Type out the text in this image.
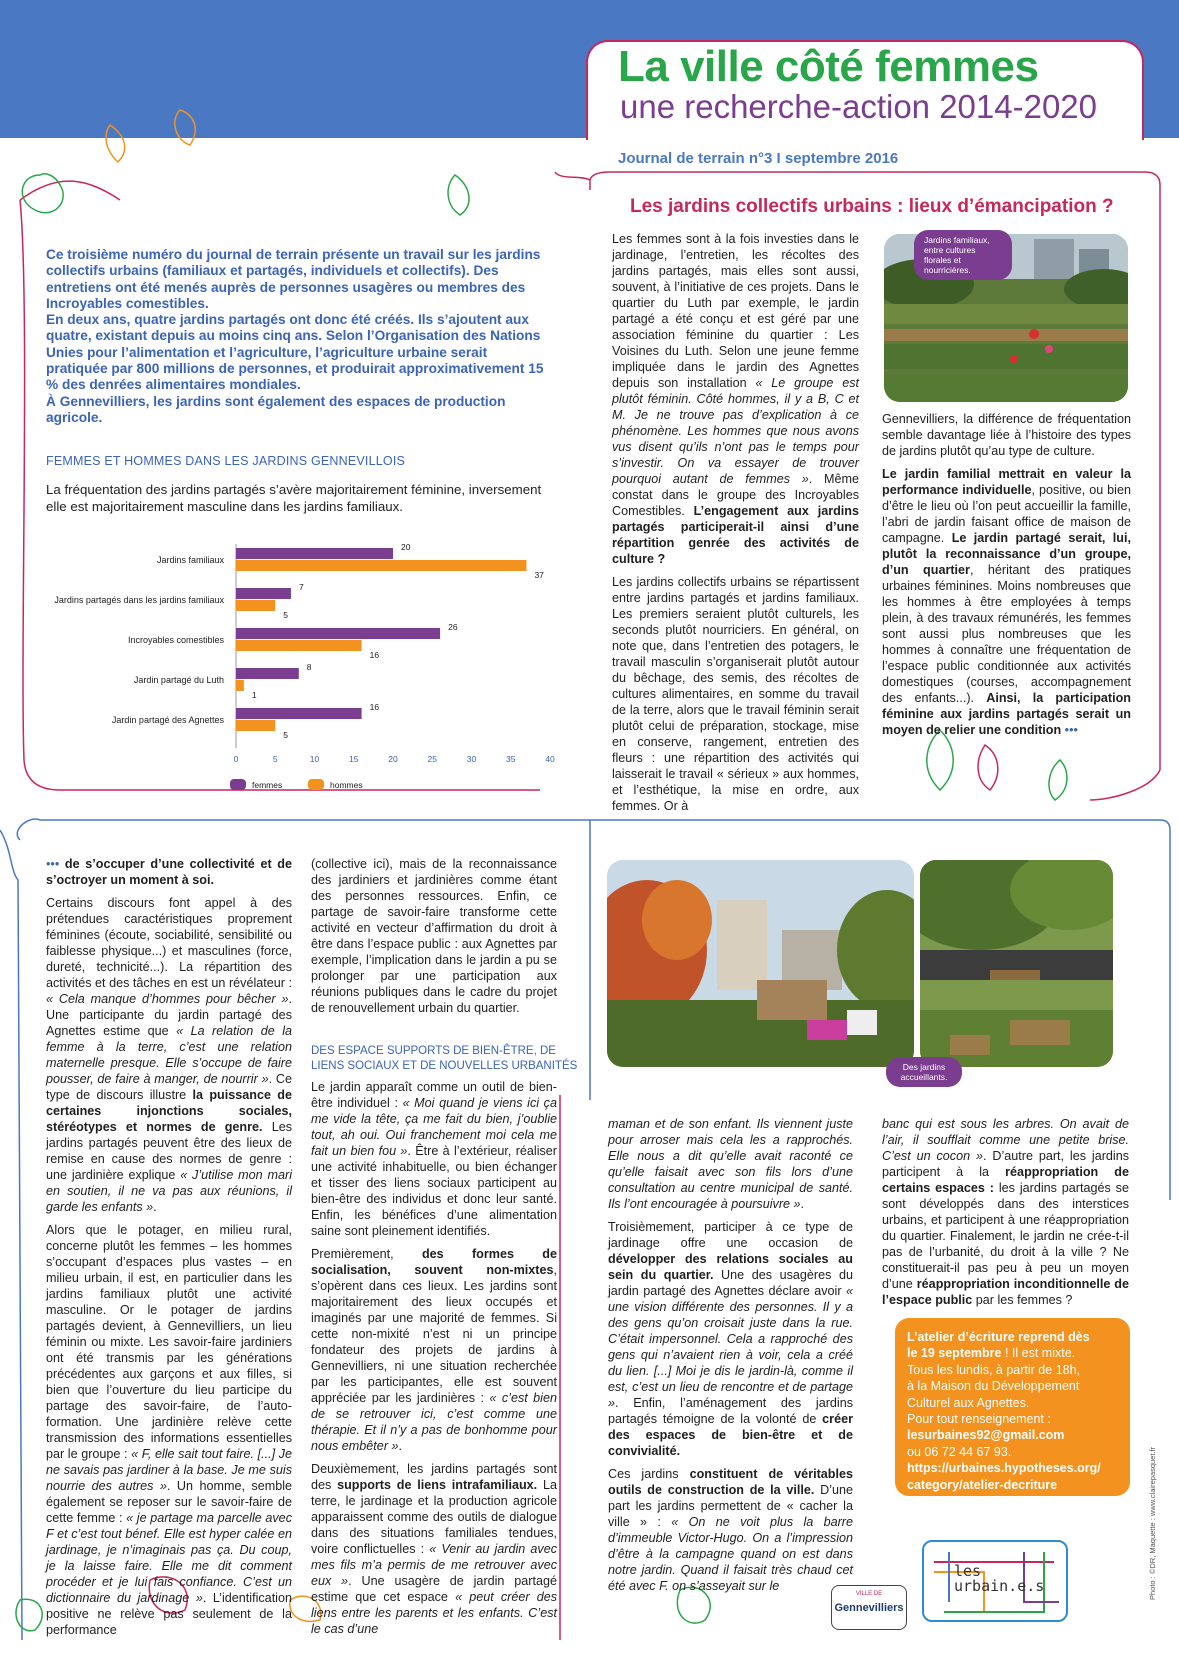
La ville côté femmes
une recherche-action 2014-2020
Journal de terrain n°3 I septembre 2016

Ce troisième numéro du journal de terrain présente un travail sur les jardins collectifs urbains (familiaux et partagés, individuels et collectifs). Des entretiens ont été menés auprès de personnes usagères ou membres des Incroyables comestibles.

En deux ans, quatre jardins partagés ont donc été créés. Ils s’ajoutent aux quatre, existant depuis au moins cinq ans. Selon l’Organisation des Nations Unies pour l’alimentation et l’agriculture, l’agriculture urbaine serait pratiquée par 800 millions de personnes, et produirait approximativement 15 % des denrées alimentaires mondiales.

À Gennevilliers, les jardins sont également des espaces de production agricole.

FEMMES ET HOMMES DANS LES JARDINS GENNEVILLOIS
La fréquentation des jardins partagés s’avère majoritairement féminine, inversement elle est majoritairement masculine dans les jardins familiaux.
Jardins familiaux
20
37
Jardins partagés dans les jardins familiaux
7
5
Incroyables comestibles
26
16
Jardin partagé du Luth
8
1
Jardin partagé des Agnettes
16
5
0	5	10	15	20	25	30	35	40
femmes	hommes
Les jardins collectifs urbains : lieux d’émancipation ?

Les femmes sont à la fois investies dans le jardinage, l’entretien, les récoltes des jardins partagés, mais elles sont aussi, souvent, à l’initiative de ces projets. Dans le quartier du Luth par exemple, le jardin partagé a été conçu et est géré par une association féminine du quartier : Les Voisines du Luth. Selon une jeune femme impliquée dans le jardin des Agnettes depuis son installation « Le groupe est plutôt féminin. Côté hommes, il y a B, C et M. Je ne trouve pas d’explication à ce phénomène. Les hommes que nous avons vus disent qu’ils n’ont pas le temps pour s’investir. On va essayer de trouver pourquoi autant de femmes ». Même constat dans le groupe des Incroyables Comestibles. L’engagement aux jardins partagés participerait-il ainsi d’une répartition genrée des activités de culture ?

Les jardins collectifs urbains se répartissent entre jardins partagés et jardins familiaux. Les premiers seraient plutôt culturels, les seconds plutôt nourriciers. En général, on note que, dans l’entretien des potagers, le travail masculin s’organiserait plutôt autour du bêchage, des semis, des récoltes de cultures alimentaires, en somme du travail de la terre, alors que le travail féminin serait plutôt celui de préparation, stockage, mise en conserve, rangement, entretien des fleurs : une répartition des activités qui laisserait le travail « sérieux » aux hommes, et l’esthétique, la mise en ordre, aux femmes. Or à

Jardins familiaux, entre cultures florales et nourricières.

Gennevilliers, la différence de fréquentation semble davantage liée à l’histoire des types de jardins plutôt qu’au type de culture.

Le jardin familial mettrait en valeur la performance individuelle, positive, ou bien d’être le lieu où l’on peut accueillir la famille, l’abri de jardin faisant office de maison de campagne. Le jardin partagé serait, lui, plutôt la reconnaissance d’un groupe, d’un quartier, héritant des pratiques urbaines féminines. Moins nombreuses que les hommes à être employées à temps plein, à des travaux rémunérés, les femmes sont aussi plus nombreuses que les hommes à connaître une fréquentation de l’espace public conditionnée aux activités domestiques (courses, accompagnement des enfants...). Ainsi, la participation féminine aux jardins partagés serait un moyen de relier une condition •••

••• de s’occuper d’une collectivité et de s’octroyer un moment à soi.

Certains discours font appel à des prétendues caractéristiques proprement féminines (écoute, sociabilité, sensibilité ou faiblesse physique...) et masculines (force, dureté, technicité...). La répartition des activités et des tâches en est un révélateur : « Cela manque d’hommes pour bêcher ». Une participante du jardin partagé des Agnettes estime que « La relation de la femme à la terre, c’est une relation maternelle presque. Elle s’occupe de faire pousser, de faire à manger, de nourrir ». Ce type de discours illustre la puissance de certaines injonctions sociales, stéréotypes et normes de genre. Les jardins partagés peuvent être des lieux de remise en cause des normes de genre : une jardinière explique « J’utilise mon mari en soutien, il ne va pas aux réunions, il garde les enfants ».

Alors que le potager, en milieu rural, concerne plutôt les femmes – les hommes s’occupant d’espaces plus vastes – en milieu urbain, il est, en particulier dans les jardins familiaux plutôt une activité masculine. Or le potager de jardins partagés devient, à Gennevilliers, un lieu féminin ou mixte. Les savoir-faire jardiniers ont été transmis par les générations précédentes aux garçons et aux filles, si bien que l’ouverture du lieu participe du partage des savoir-faire, de l’auto-formation. Une jardinière relève cette transmission des informations essentielles par le groupe : « F, elle sait tout faire. [...] Je ne savais pas jardiner à la base. Je me suis nourrie des autres ». Un homme, semble également se reposer sur le savoir-faire de cette femme : « je partage ma parcelle avec F et c’est tout bénef. Elle est hyper calée en jardinage, je n’imaginais pas ça. Du coup, je la laisse faire. Elle me dit comment procéder et je lui fais confiance. C’est un dictionnaire du jardinage ». L’identification positive ne relève pas seulement de la performance

(collective ici), mais de la reconnaissance des jardiniers et jardinières comme étant des personnes ressources. Enfin, ce partage de savoir-faire transforme cette activité en vecteur d’affirmation du droit à être dans l’espace public : aux Agnettes par exemple, l’implication dans le jardin a pu se prolonger par une participation aux réunions publiques dans le cadre du projet de renouvellement urbain du quartier.

Le jardin apparaît comme un outil de bien-être individuel : « Moi quand je viens ici ça me vide la tête, ça me fait du bien, j’oublie tout, ah oui. Oui franchement moi cela me fait un bien fou ». Être à l’extérieur, réaliser une activité inhabituelle, ou bien échanger et tisser des liens sociaux participent au bien-être des individus et donc leur santé. Enfin, les bénéfices d’une alimentation saine sont pleinement identifiés.

Premièrement, des formes de socialisation, souvent non-mixtes, s’opèrent dans ces lieux. Les jardins sont majoritairement des lieux occupés et imaginés par une majorité de femmes. Si cette non-mixité n’est ni un principe fondateur des projets de jardins à Gennevilliers, ni une situation recherchée par les participantes, elle est souvent appréciée par les jardinières : « c’est bien de se retrouver ici, c’est comme une thérapie. Et il n’y a pas de bonhomme pour nous embêter ».

Deuxièmement, les jardins partagés sont des supports de liens intrafamiliaux. La terre, le jardinage et la production agricole apparaissent comme des outils de dialogue dans des situations familiales tendues, voire conflictuelles : « Venir au jardin avec mes fils m’a permis de me retrouver avec eux ». Une usagère de jardin partagé estime que cet espace « peut créer des liens entre les parents et les enfants. C’est le cas d’une

DES ESPACE SUPPORTS DE BIEN-ÊTRE, DE
LIENS SOCIAUX ET DE NOUVELLES URBANITÉS	Des jardins accueillants.

maman et de son enfant. Ils viennent juste pour arroser mais cela les a rapprochés. Elle nous a dit qu’elle avait raconté ce qu’elle faisait avec son fils lors d’une consultation au centre municipal de santé. Ils l’ont encouragée à poursuivre ».

Troisièmement, participer à ce type de jardinage offre une occasion de développer des relations sociales au sein du quartier. Une des usagères du jardin partagé des Agnettes déclare avoir « une vision différente des personnes. Il y a des gens qu’on croisait juste dans la rue. C’était impersonnel. Cela a rapproché des gens qui n’avaient rien à voir, cela a créé du lien. [...] Moi je dis le jardin-là, comme il est, c’est un lieu de rencontre et de partage ». Enfin, l’aménagement des jardins partagés témoigne de la volonté de créer des espaces de bien-être et de convivialité.

Ces jardins constituent de véritables outils de construction de la ville. D’une part les jardins permettent de « cacher la ville » : « On ne voit plus la barre d’immeuble Victor-Hugo. On a l’impression d’être à la campagne quand on est dans notre jardin. Quand il faisait très chaud cet été avec F. on s’asseyait sur le

banc qui est sous les arbres. On avait de l’air, il soufflait comme une petite brise. C’est un cocon ». D’autre part, les jardins participent à la réappropriation de certains espaces : les jardins partagés se sont développés dans des interstices urbains, et participent à une réappropriation du quartier. Finalement, le jardin ne crée-t-il pas de l’urbanité, du droit à la ville ? Ne constituerait-il pas peu à peu un moyen d’une réappropriation inconditionnelle de l’espace public par les femmes ?

L’atelier d’écriture reprend dès
le 19 septembre ! Il est mixte.
Tous les lundis, à partir de 18h,
à la Maison du Développement
Culturel aux Agnettes.
Pour tout renseignement :
lesurbaines92@gmail.com
ou 06 72 44 67 93.
https://urbaines.hypotheses.org/
category/atelier-decriture	Photo : ©DR, Maquette : www.clairepasquet.fr
VILLE DE
Gennevilliers
les
urbain.e.s
